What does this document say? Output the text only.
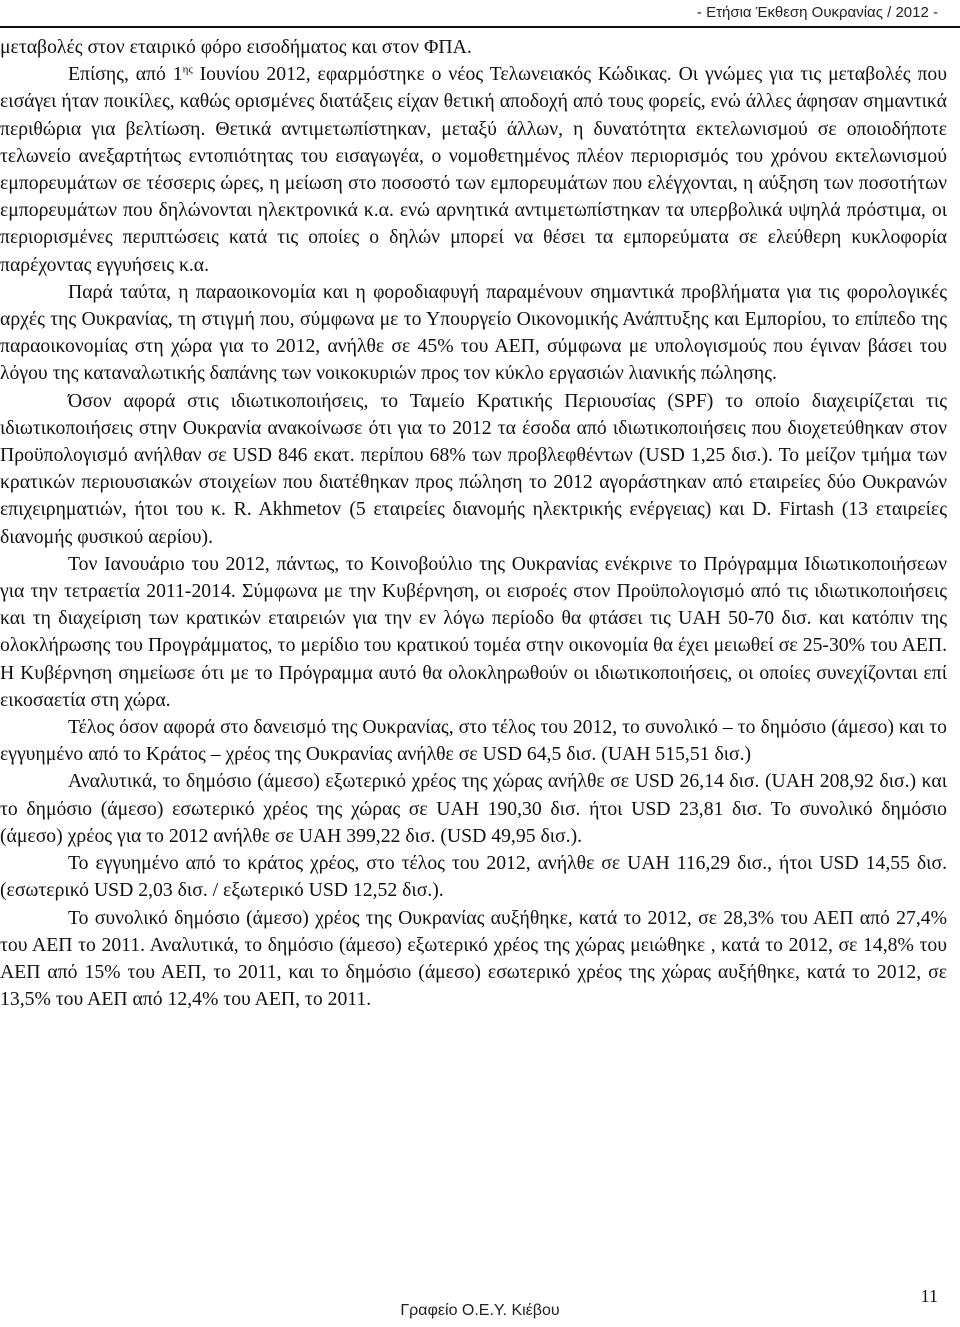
- Ετήσια Έκθεση Ουκρανίας / 2012 -

μεταβολές στον εταιρικό φόρο εισοδήματος και στον ΦΠΑ.

Επίσης, από $1^{\eta\varsigma}$ Ιουνίου 2012, εφαρμόστηκε ο νέος Τελωνειακός Κώδικας. Οι γνώμες για τις μεταβολές που εισάγει ήταν ποικίλες, καθώς ορισμένες διατάξεις είχαν θετική αποδοχή από τους φορείς, ενώ άλλες άφησαν σημαντικά περιθώρια για βελτίωση. Θετικά αντιμετωπίστηκαν, μεταξύ άλλων, η δυνατότητα εκτελωνισμού σε οποιοδήποτε τελωνείο ανεξαρτήτως εντοπιότητας του εισαγωγέα, ο νομοθετημένος πλέον περιορισμός του χρόνου εκτελωνισμού εμπορευμάτων σε τέσσερις ώρες, η μείωση στο ποσοστό των εμπορευμάτων που ελέγχονται, η αύξηση των ποσοτήτων εμπορευμάτων που δηλώνονται ηλεκτρονικά κ.α. ενώ αρνητικά αντιμετωπίστηκαν τα υπερβολικά υψηλά πρόστιμα, οι περιορισμένες περιπτώσεις κατά τις οποίες ο δηλών μπορεί να θέσει τα εμπορεύματα σε ελεύθερη κυκλοφορία παρέχοντας εγγυήσεις κ.α.

Παρά ταύτα, η παραοικονομία και η φοροδιαφυγή παραμένουν σημαντικά προβλήματα για τις φορολογικές αρχές της Ουκρανίας, τη στιγμή που, σύμφωνα με το Υπουργείο Οικονομικής Ανάπτυξης και Εμπορίου, το επίπεδο της παραοικονομίας στη χώρα για το 2012, ανήλθε σε 45% του ΑΕΠ, σύμφωνα με υπολογισμούς που έγιναν βάσει του λόγου της καταναλωτικής δαπάνης των νοικοκυριών προς τον κύκλο εργασιών λιανικής πώλησης.

Όσον αφορά στις ιδιωτικοποιήσεις, το Ταμείο Κρατικής Περιουσίας (SPF) το οποίο διαχειρίζεται τις ιδιωτικοποιήσεις στην Ουκρανία ανακοίνωσε ότι για το 2012 τα έσοδα από ιδιωτικοποιήσεις που διοχετεύθηκαν στον Προϋπολογισμό ανήλθαν σε USD 846 εκατ. περίπου 68% των προβλεφθέντων (USD 1,25 δισ.). Το μείζον τμήμα των κρατικών περιουσιακών στοιχείων που διατέθηκαν προς πώληση το 2012 αγοράστηκαν από εταιρείες δύο Ουκρανών επιχειρηματιών, ήτοι του κ. R. Akhmetov (5 εταιρείες διανομής ηλεκτρικής ενέργειας) και D. Firtash (13 εταιρείες διανομής φυσικού αερίου).

Τον Ιανουάριο του 2012, πάντως, το Κοινοβούλιο της Ουκρανίας ενέκρινε το Πρόγραμμα Ιδιωτικοποιήσεων για την τετραετία 2011-2014. Σύμφωνα με την Κυβέρνηση, οι εισροές στον Προϋπολογισμό από τις ιδιωτικοποιήσεις και τη διαχείριση των κρατικών εταιρειών για την εν λόγω περίοδο θα φτάσει τις UAH 50-70 δισ. και κατόπιν της ολοκλήρωσης του Προγράμματος, το μερίδιο του κρατικού τομέα στην οικονομία θα έχει μειωθεί σε 25-30% του ΑΕΠ. Η Κυβέρνηση σημείωσε ότι με το Πρόγραμμα αυτό θα ολοκληρωθούν οι ιδιωτικοποιήσεις, οι οποίες συνεχίζονται επί εικοσαετία στη χώρα.

Τέλος όσον αφορά στο δανεισμό της Ουκρανίας, στο τέλος του 2012, το συνολικό – το δημόσιο (άμεσο) και το εγγυημένο από το Κράτος – χρέος της Ουκρανίας ανήλθε σε USD 64,5 δισ. (UAH 515,51 δισ.)

Αναλυτικά, το δημόσιο (άμεσο) εξωτερικό χρέος της χώρας ανήλθε σε USD 26,14 δισ. (UAH 208,92 δισ.) και το δημόσιο (άμεσο) εσωτερικό χρέος της χώρας σε UAH 190,30 δισ. ήτοι USD 23,81 δισ. Το συνολικό δημόσιο (άμεσο) χρέος για το 2012 ανήλθε σε UAH 399,22 δισ. (USD 49,95 δισ.).

Το εγγυημένο από το κράτος χρέος, στο τέλος του 2012, ανήλθε σε UAH 116,29 δισ., ήτοι USD 14,55 δισ. (εσωτερικό USD 2,03 δισ. / εξωτερικό USD 12,52 δισ.).

Το συνολικό δημόσιο (άμεσο) χρέος της Ουκρανίας αυξήθηκε, κατά το 2012, σε 28,3% του ΑΕΠ από 27,4% του ΑΕΠ το 2011. Αναλυτικά, το δημόσιο (άμεσο) εξωτερικό χρέος της χώρας μειώθηκε , κατά το 2012, σε 14,8% του ΑΕΠ από 15% του ΑΕΠ, το 2011, και το δημόσιο (άμεσο) εσωτερικό χρέος της χώρας αυξήθηκε, κατά το 2012, σε 13,5% του ΑΕΠ από 12,4% του ΑΕΠ, το 2011.

11
Γραφείο Ο.Ε.Υ. Κιέβου
